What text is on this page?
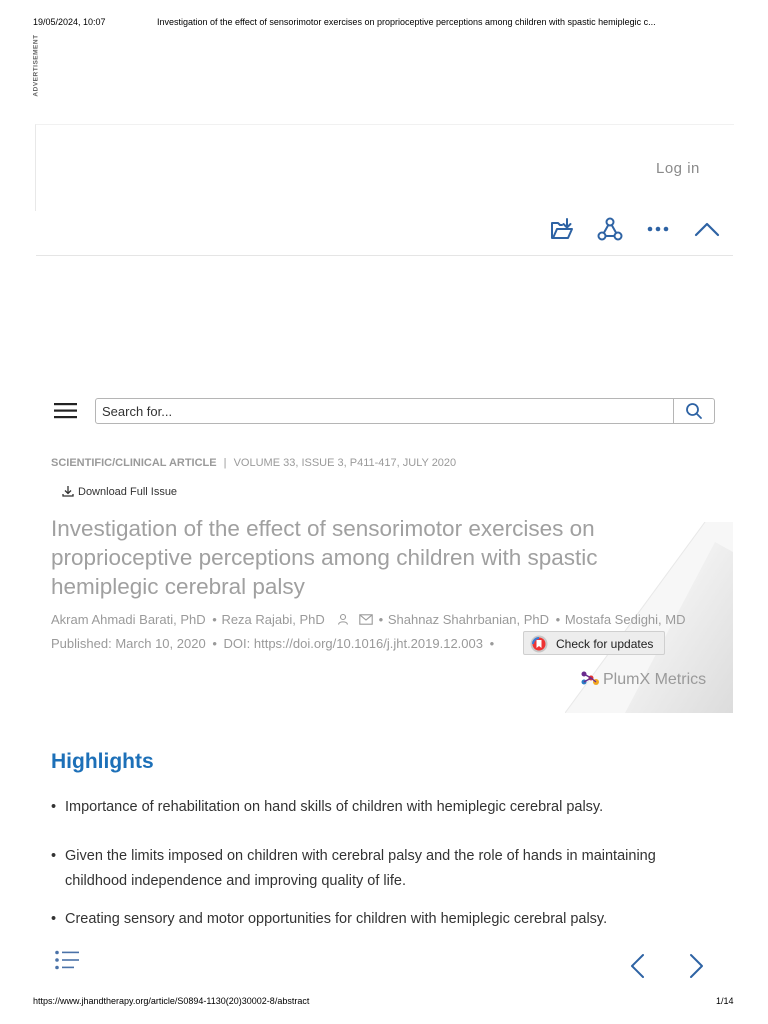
19/05/2024, 10:07	Investigation of the effect of sensorimotor exercises on proprioceptive perceptions among children with spastic hemiplegic c...
ADVERTISEMENT
Log in
Search for...
SCIENTIFIC/CLINICAL ARTICLE | VOLUME 33, ISSUE 3, P411-417, JULY 2020
Download Full Issue
Investigation of the effect of sensorimotor exercises on proprioceptive perceptions among children with spastic hemiplegic cerebral palsy
Akram Ahmadi Barati, PhD • Reza Rajabi, PhD	• Shahnaz Shahrbanian, PhD • Mostafa Sedighi, MD
Published: March 10, 2020 • DOI: https://doi.org/10.1016/j.jht.2019.12.003 •	Check for updates
PlumX Metrics
Highlights
• Importance of rehabilitation on hand skills of children with hemiplegic cerebral palsy.
• Given the limits imposed on children with cerebral palsy and the role of hands in maintaining childhood independence and improving quality of life.
• Creating sensory and motor opportunities for children with hemiplegic cerebral palsy.
https://www.jhandtherapy.org/article/S0894-1130(20)30002-8/abstract	1/14
